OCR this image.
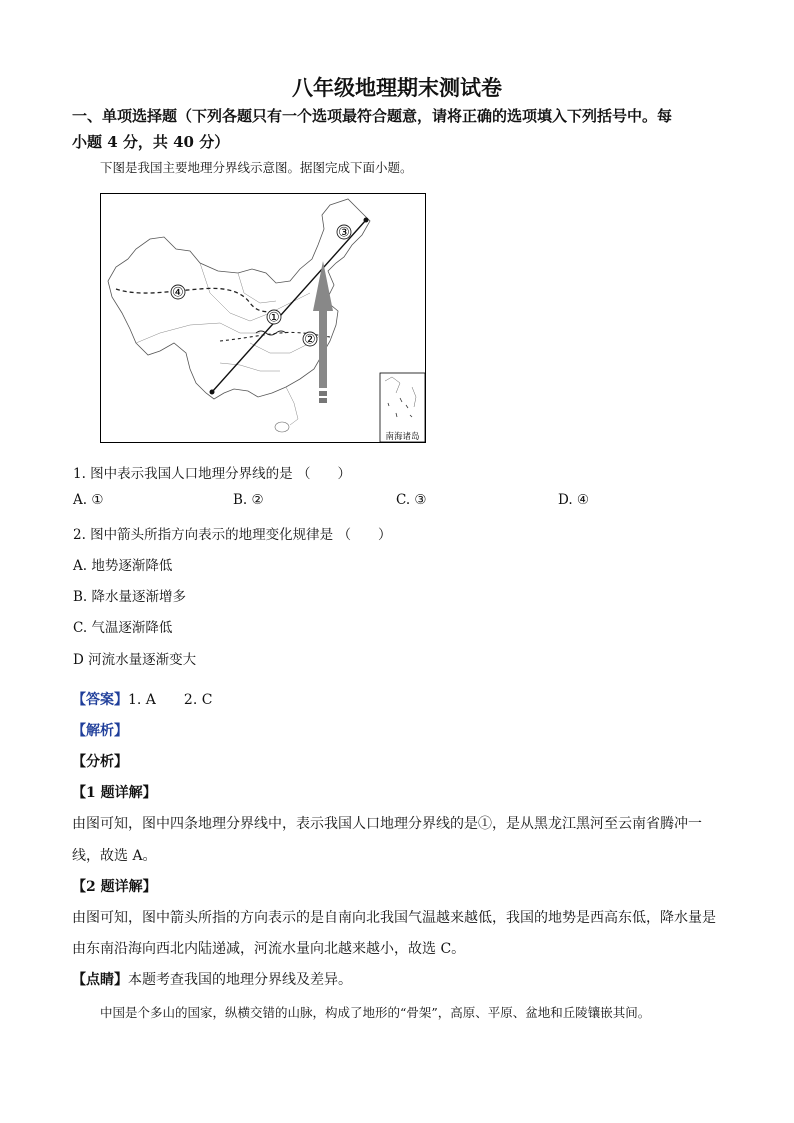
八年级地理期末测试卷
一、单项选择题（下列各题只有一个选项最符合题意，请将正确的选项填入下列括号中。每
小题 4 分，共 40 分）
下图是我国主要地理分界线示意图。据图完成下面小题。
④
①
②
③
南海诸岛
1. 图中表示我国人口地理分界线的是 （　　）
A. ①	B. ②	C. ③	D. ④
2. 图中箭头所指方向表示的地理变化规律是 （　　）
A. 地势逐渐降低
B. 降水量逐渐增多
C. 气温逐渐降低
D 河流水量逐渐变大
【答案】1. A　　2. C
【解析】
【分析】
【1 题详解】
由图可知，图中四条地理分界线中，表示我国人口地理分界线的是①，是从黑龙江黑河至云南省腾冲一
线，故选 A。
【2 题详解】
由图可知，图中箭头所指的方向表示的是自南向北我国气温越来越低，我国的地势是西高东低，降水量是
由东南沿海向西北内陆递减，河流水量向北越来越小，故选 C。
【点睛】本题考查我国的地理分界线及差异。
中国是个多山的国家，纵横交错的山脉，构成了地形的“骨架”，高原、平原、盆地和丘陵镶嵌其间。
